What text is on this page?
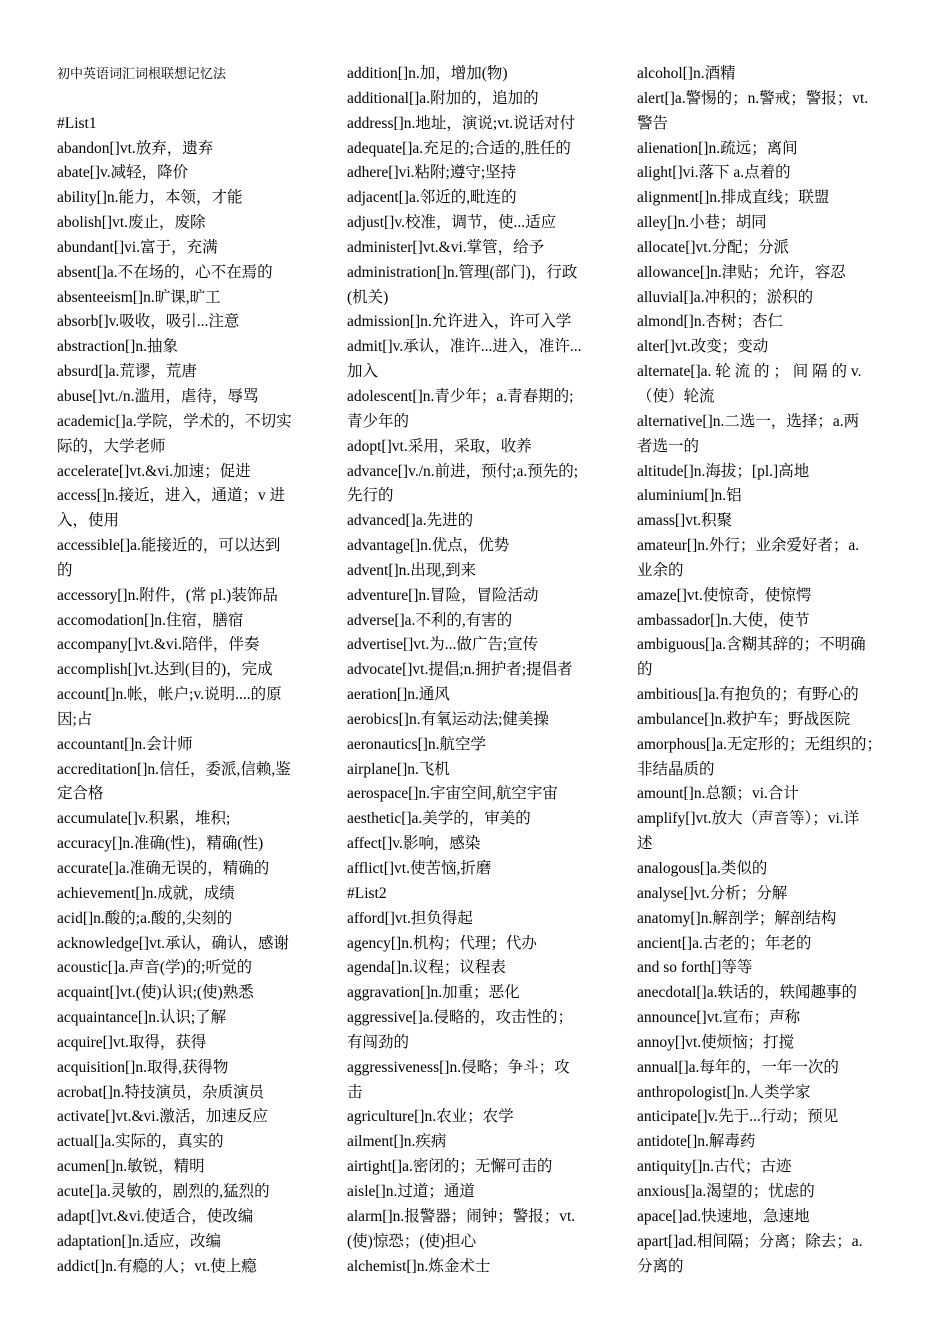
初中英语词汇词根联想记忆法
#List1
abandon[]vt.放弃，遗弃
abate[]v.减轻，降价
ability[]n.能力，本领，才能
abolish[]vt.废止，废除
abundant[]vi.富于，充满
absent[]a.不在场的，心不在焉的
absenteeism[]n.旷课,旷工
absorb[]v.吸收，吸引...注意
abstraction[]n.抽象
absurd[]a.荒谬，荒唐
abuse[]vt./n.滥用，虐待，辱骂
academic[]a.学院，学术的，不切实
际的，大学老师
accelerate[]vt.&vi.加速；促进
access[]n.接近，进入，通道；v 进
入，使用
accessible[]a.能接近的，可以达到
的
accessory[]n.附件，(常 pl.)装饰品
accomodation[]n.住宿，膳宿
accompany[]vt.&vi.陪伴，伴奏
accomplish[]vt.达到(目的)，完成
account[]n.帐，帐户;v.说明....的原
因;占
accountant[]n.会计师
accreditation[]n.信任，委派,信赖,鉴
定合格
accumulate[]v.积累，堆积;
accuracy[]n.准确(性)，精确(性)
accurate[]a.准确无误的，精确的
achievement[]n.成就，成绩
acid[]n.酸的;a.酸的,尖刻的
acknowledge[]vt.承认，确认，感谢
acoustic[]a.声音(学)的;听觉的
acquaint[]vt.(使)认识;(使)熟悉
acquaintance[]n.认识;了解
acquire[]vt.取得，获得
acquisition[]n.取得,获得物
acrobat[]n.特技演员，杂质演员
activate[]vt.&vi.激活，加速反应
actual[]a.实际的，真实的
acumen[]n.敏锐，精明
acute[]a.灵敏的，剧烈的,猛烈的
adapt[]vt.&vi.使适合，使改编
adaptation[]n.适应，改编
addict[]n.有瘾的人；vt.使上瘾
addition[]n.加，增加(物)
additional[]a.附加的，追加的
address[]n.地址，演说;vt.说话对付
adequate[]a.充足的;合适的,胜任的
adhere[]vi.粘附;遵守;坚持
adjacent[]a.邻近的,毗连的
adjust[]v.校准，调节，使...适应
administer[]vt.&vi.掌管，给予
administration[]n.管理(部门)，行政
(机关)
admission[]n.允许进入，许可入学
admit[]v.承认，准许...进入，准许...
加入
adolescent[]n.青少年；a.青春期的;
青少年的
adopt[]vt.采用，采取，收养
advance[]v./n.前进，预付;a.预先的;
先行的
advanced[]a.先进的
advantage[]n.优点，优势
advent[]n.出现,到来
adventure[]n.冒险，冒险活动
adverse[]a.不利的,有害的
advertise[]vt.为...做广告;宣传
advocate[]vt.提倡;n.拥护者;提倡者
aeration[]n.通风
aerobics[]n.有氧运动法;健美操
aeronautics[]n.航空学
airplane[]n.飞机
aerospace[]n.宇宙空间,航空宇宙
aesthetic[]a.美学的，审美的
affect[]v.影响，感染
afflict[]vt.使苦恼,折磨
#List2
afford[]vt.担负得起
agency[]n.机构；代理；代办
agenda[]n.议程；议程表
aggravation[]n.加重；恶化
aggressive[]a.侵略的，攻击性的；
有闯劲的
aggressiveness[]n.侵略；争斗；攻
击
agriculture[]n.农业；农学
ailment[]n.疾病
airtight[]a.密闭的；无懈可击的
aisle[]n.过道；通道
alarm[]n.报警器；闹钟；警报；vt.
(使)惊恐；(使)担心
alchemist[]n.炼金术士
alcohol[]n.酒精
alert[]a.警惕的；n.警戒；警报；vt.
警告
alienation[]n.疏远；离间
alight[]vi.落下 a.点着的
alignment[]n.排成直线；联盟
alley[]n.小巷；胡同
allocate[]vt.分配；分派
allowance[]n.津贴；允许，容忍
alluvial[]a.冲积的；淤积的
almond[]n.杏树；杏仁
alter[]vt.改变；变动
alternate[]a. 轮 流 的 ； 间 隔 的 v.
（使）轮流
alternative[]n.二选一，选择；a.两
者选一的
altitude[]n.海拔；[pl.]高地
aluminium[]n.铝
amass[]vt.积聚
amateur[]n.外行；业余爱好者；a.
业余的
amaze[]vt.使惊奇，使惊愕
ambassador[]n.大使，使节
ambiguous[]a.含糊其辞的；不明确
的
ambitious[]a.有抱负的；有野心的
ambulance[]n.救护车；野战医院
amorphous[]a.无定形的；无组织的；
非结晶质的
amount[]n.总额；vi.合计
amplify[]vt.放大（声音等）；vi.详
述
analogous[]a.类似的
analyse[]vt.分析；分解
anatomy[]n.解剖学；解剖结构
ancient[]a.古老的；年老的
and so forth[]等等
anecdotal[]a.轶话的，轶闻趣事的
announce[]vt.宣布；声称
annoy[]vt.使烦恼；打搅
annual[]a.每年的，一年一次的
anthropologist[]n.人类学家
anticipate[]v.先于...行动；预见
antidote[]n.解毒药
antiquity[]n.古代；古迹
anxious[]a.渴望的；忧虑的
apace[]ad.快速地，急速地
apart[]ad.相间隔；分离；除去；a.
分离的
